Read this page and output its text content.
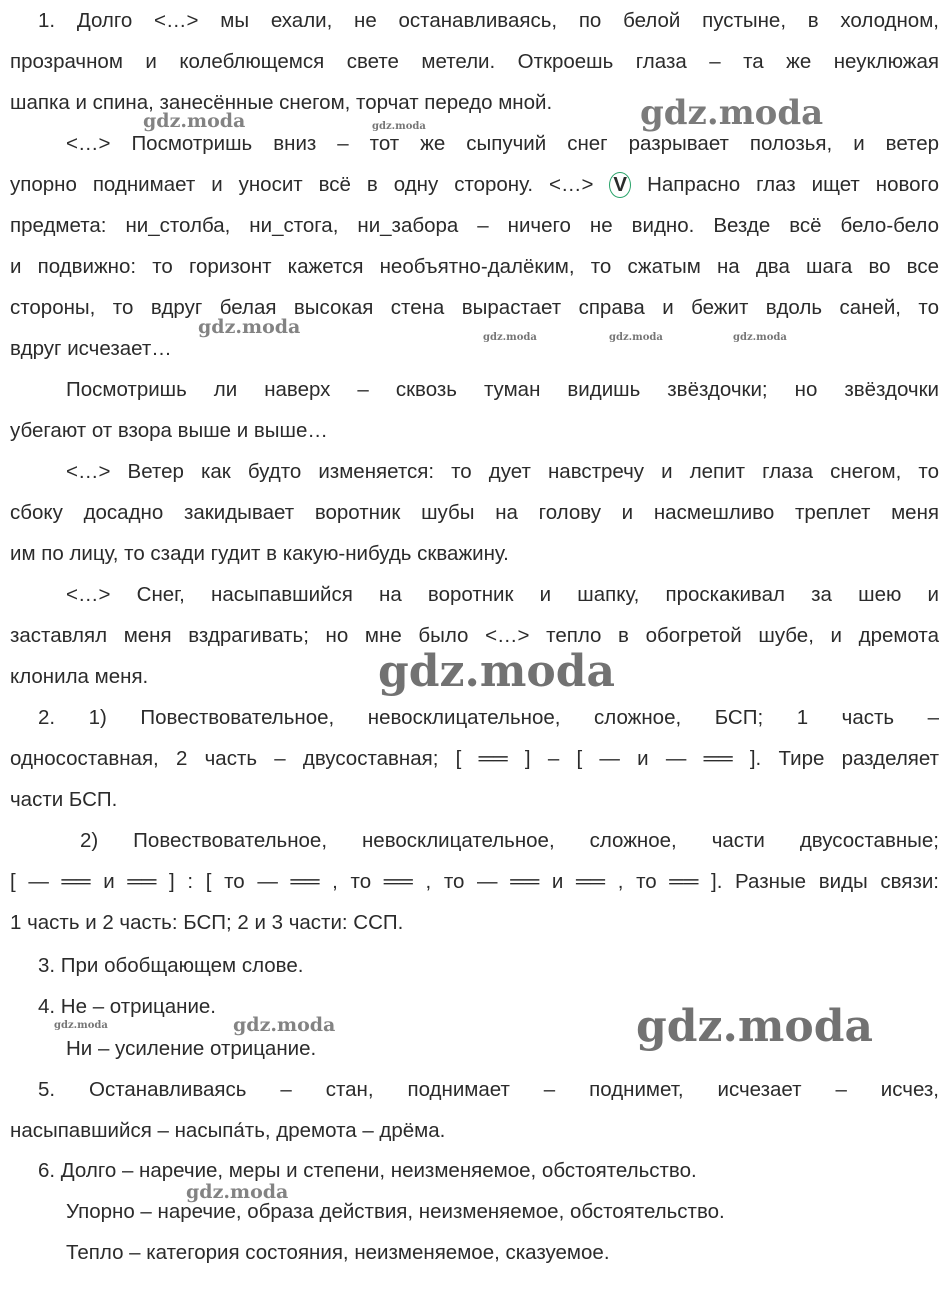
1. Долго <…> мы ехали, не останавливаясь, по белой пустыне, в холодном,
прозрачном и колеблющемся свете метели. Откроешь глаза – та же неуклюжая
шапка и спина, занесённые снегом, торчат передо мной.
<…> Посмотришь вниз – тот же сыпучий снег разрывает полозья, и ветер
упорно поднимает и уносит всё в одну сторону. <…> V Напрасно глаз ищет нового
предмета: ни_столба, ни_стога, ни_забора – ничего не видно. Везде всё бело-бело
и подвижно: то горизонт кажется необъятно-далёким, то сжатым на два шага во все
стороны, то вдруг белая высокая стена вырастает справа и бежит вдоль саней, то
вдруг исчезает…
Посмотришь ли наверх – сквозь туман видишь звёздочки; но звёздочки
убегают от взора выше и выше…
<…> Ветер как будто изменяется: то дует навстречу и лепит глаза снегом, то
сбоку досадно закидывает воротник шубы на голову и насмешливо треплет меня
им по лицу, то сзади гудит в какую-нибудь скважину.
<…> Снег, насыпавшийся на воротник и шапку, проскакивал за шею и
заставлял меня вздрагивать; но мне было <…> тепло в обогретой шубе, и дремота
клонила меня.
2. 1) Повествовательное, невосклицательное, сложное, БСП; 1 часть –
односоставная, 2 часть – двусоставная; [ ══ ] – [ — и — ══ ]. Тире разделяет
части БСП.
2) Повествовательное, невосклицательное, сложное, части двусоставные;
[ — ══ и ══ ] : [ то — ══ , то ══ , то — ══ и ══ , то ══ ]. Разные виды связи:
1 часть и 2 часть: БСП; 2 и 3 части: ССП.
3. При обобщающем слове.
4. Не – отрицание.
Ни – усиление отрицание.
5. Останавливаясь – стан, поднимает – поднимет, исчезает – исчез,
насыпавшийся – насыпа́ть, дремота – дрёма.
6. Долго – наречие, меры и степени, неизменяемое, обстоятельство.
Упорно – наречие, образа действия, неизменяемое, обстоятельство.
Тепло – категория состояния, неизменяемое, сказуемое.
gdz.moda	gdz.moda	gdz.moda
gdz.moda	gdz.moda	gdz.moda	gdz.moda
gdz.moda
gdz.moda	gdz.moda	gdz.moda
gdz.moda
